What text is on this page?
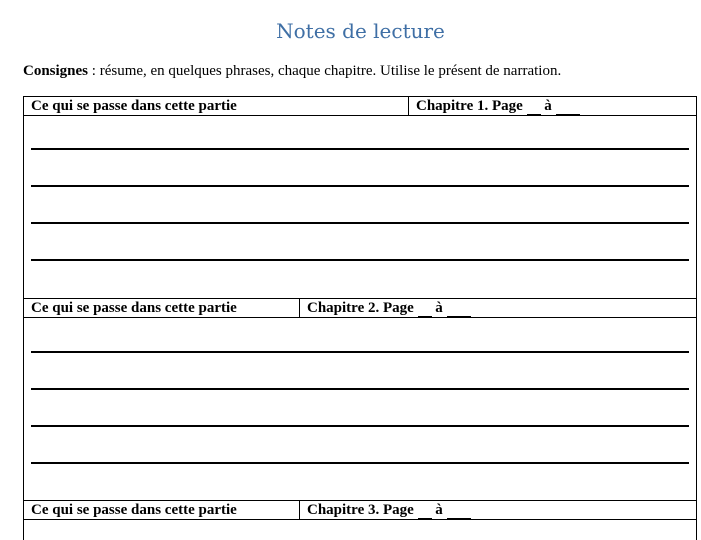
Notes de lecture
Consignes : résume, en quelques phrases, chaque chapitre. Utilise le présent de narration.
Ce qui se passe dans cette partie	Chapitre 1. Page à
Ce qui se passe dans cette partie	Chapitre 2. Page à
Ce qui se passe dans cette partie	Chapitre 3. Page à
